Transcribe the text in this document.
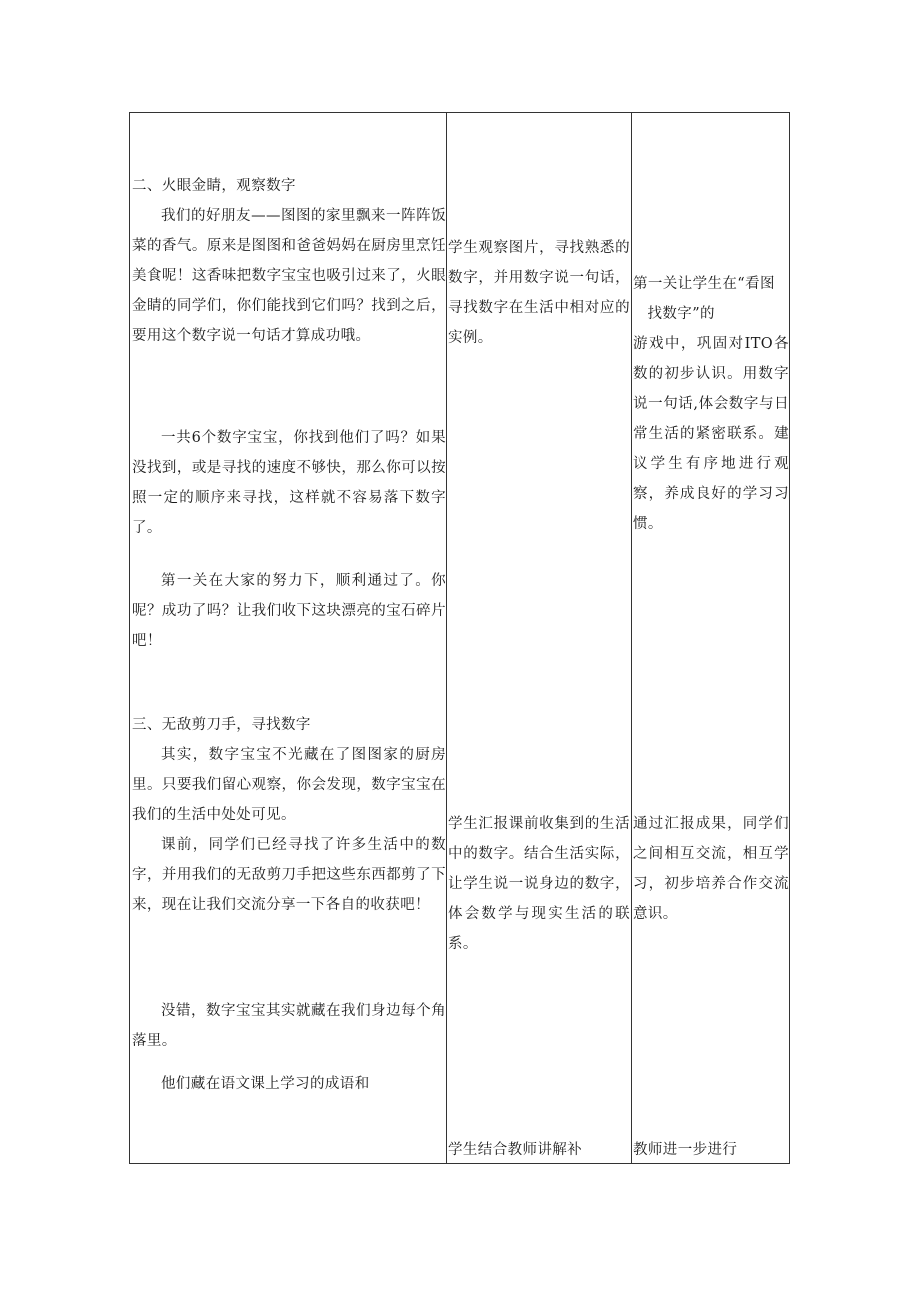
二、火眼金睛，观察数字

我们的好朋友——图图的家里飘来一阵阵饭菜的香气。原来是图图和爸爸妈妈在厨房里烹饪美食呢！这香味把数字宝宝也吸引过来了，火眼金睛的同学们，你们能找到它们吗？找到之后，要用这个数字说一句话才算成功哦。

一共6个数字宝宝，你找到他们了吗？如果没找到，或是寻找的速度不够快，那么你可以按照一定的顺序来寻找，这样就不容易落下数字了。

第一关在大家的努力下，顺利通过了。你呢？成功了吗？让我们收下这块漂亮的宝石碎片吧！

三、无敌剪刀手，寻找数字

其实，数字宝宝不光藏在了图图家的厨房里。只要我们留心观察，你会发现，数字宝宝在我们的生活中处处可见。

课前，同学们已经寻找了许多生活中的数字，并用我们的无敌剪刀手把这些东西都剪了下来，现在让我们交流分享一下各自的收获吧！

没错，数字宝宝其实就藏在我们身边每个角落里。

他们藏在语文课上学习的成语和

学生观察图片，寻找熟悉的数字，并用数字说一句话，寻找数字在生活中相对应的实例。

学生汇报课前收集到的生活中的数字。结合生活实际，让学生说一说身边的数字，体会数学与现实生活的联系。

学生结合教师讲解补

第一关让学生在“看图

找数字”的

游戏中，巩固对ITO各数的初步认识。用数字说一句话,体会数字与日常生活的紧密联系。建议学生有序地进行观察，养成良好的学习习惯。

通过汇报成果，同学们之间相互交流，相互学习，初步培养合作交流意识。

教师进一步进行
